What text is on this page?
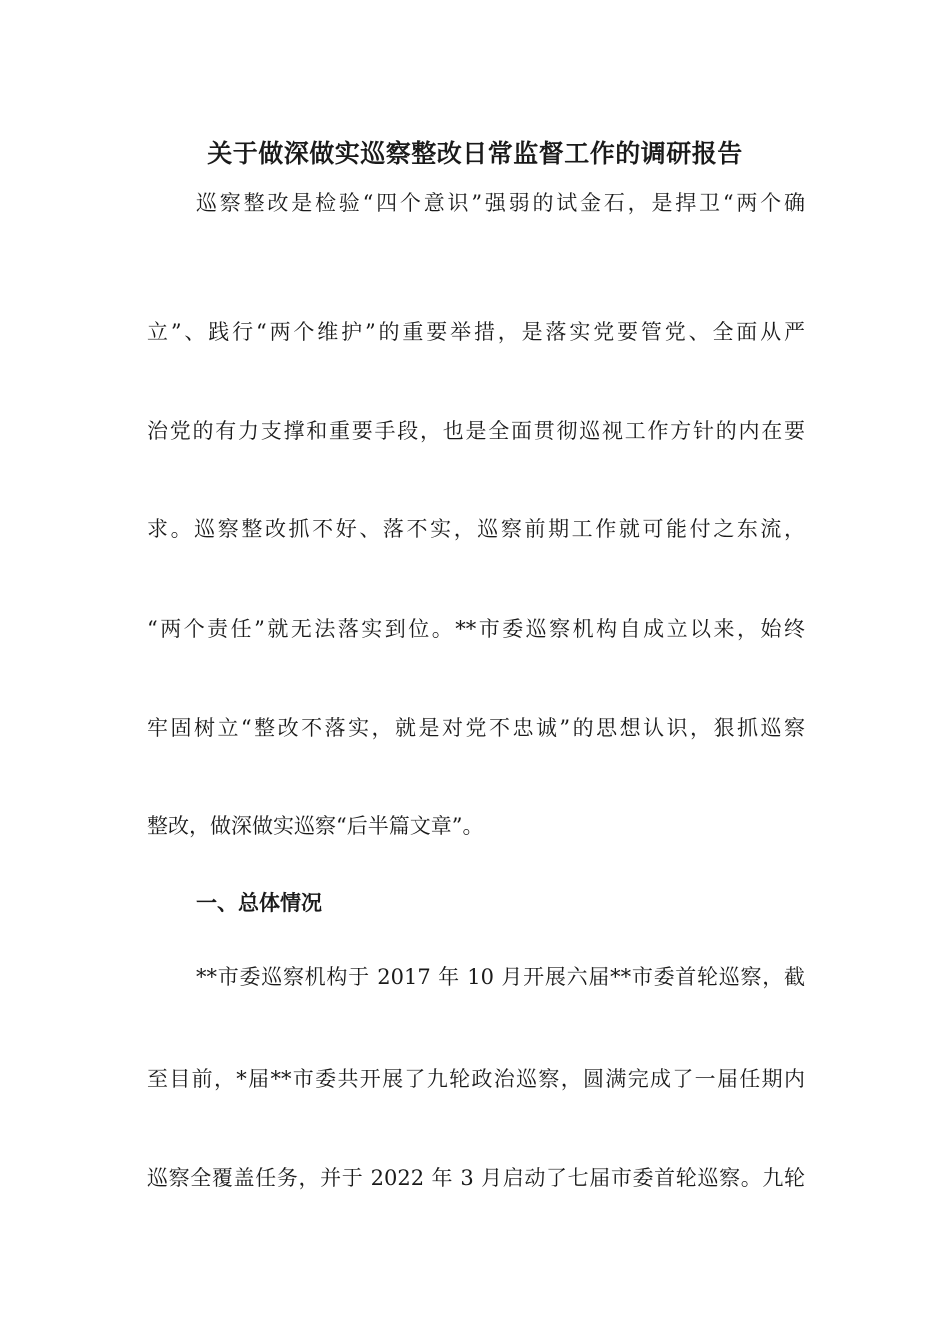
关于做深做实巡察整改日常监督工作的调研报告
巡察整改是检验“四个意识”强弱的试金石，是捍卫“两个确
立”、践行“两个维护”的重要举措，是落实党要管党、全面从严
治党的有力支撑和重要手段，也是全面贯彻巡视工作方针的内在要
求。巡察整改抓不好、落不实，巡察前期工作就可能付之东流，
“两个责任”就无法落实到位。**市委巡察机构自成立以来，始终
牢固树立“整改不落实，就是对党不忠诚”的思想认识，狠抓巡察
整改，做深做实巡察“后半篇文章”。
一、总体情况
**市委巡察机构于 2017 年 10 月开展六届**市委首轮巡察，截
至目前，*届**市委共开展了九轮政治巡察，圆满完成了一届任期内
巡察全覆盖任务，并于 2022 年 3 月启动了七届市委首轮巡察。九轮
